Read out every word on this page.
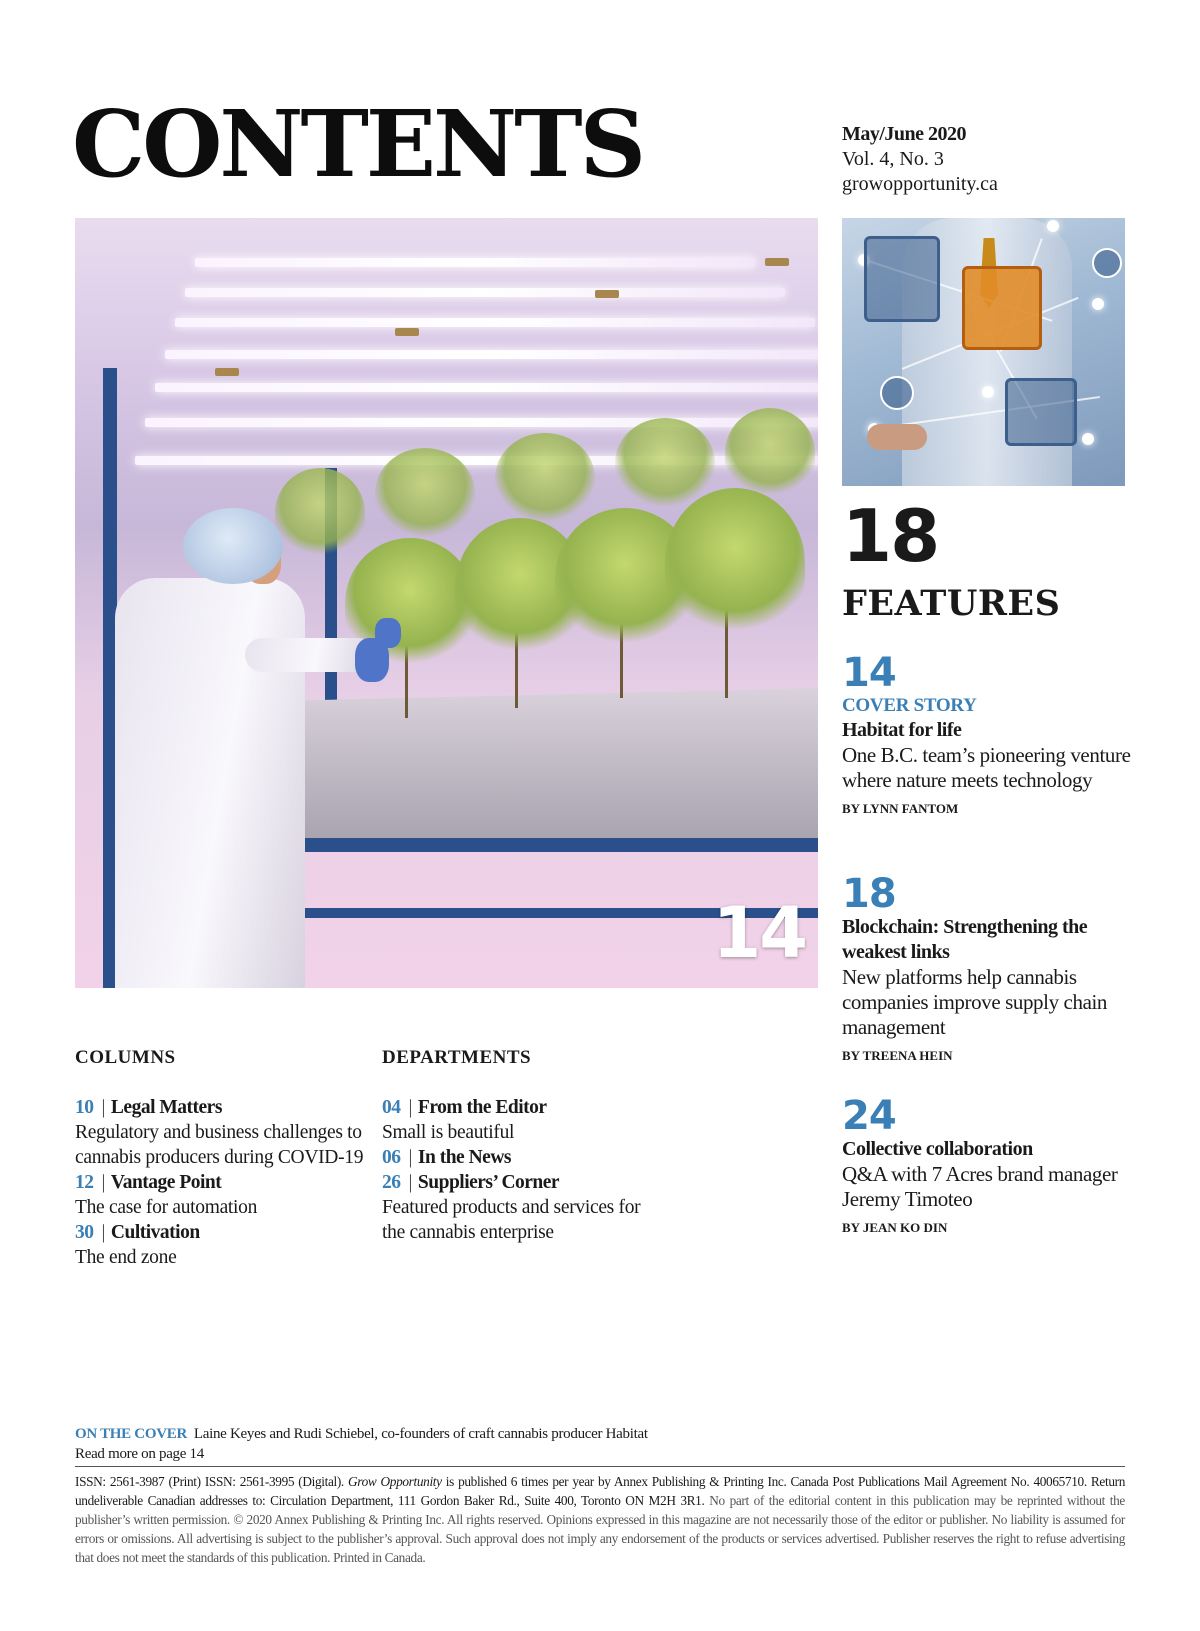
CONTENTS	May/June 2020
Vol. 4, No. 3
growopportunity.ca
14
18
FEATURES
14
COVER STORY
Habitat for life
One B.C. team’s pioneering venture where nature meets technology
BY LYNN FANTOM
18
Blockchain: Strengthening the weakest links
New platforms help cannabis companies improve supply chain management
BY TREENA HEIN
24
Collective collaboration
Q&A with 7 Acres brand manager Jeremy Timoteo
BY JEAN KO DIN
COLUMNS
10 | Legal Matters
Regulatory and business challenges to cannabis producers during COVID-19
12 | Vantage Point
The case for automation
30 | Cultivation
The end zone
DEPARTMENTS
04 | From the Editor
Small is beautiful
06 | In the News
26 | Suppliers’ Corner
Featured products and services for the cannabis enterprise
ON THE COVER Laine Keyes and Rudi Schiebel, co-founders of craft cannabis producer Habitat
Read more on page 14
ISSN: 2561-3987 (Print) ISSN: 2561-3995 (Digital). Grow Opportunity is published 6 times per year by Annex Publishing & Printing Inc. Canada Post Publications Mail Agreement No. 40065710. Return undeliverable Canadian addresses to: Circulation Department, 111 Gordon Baker Rd., Suite 400, Toronto ON M2H 3R1. No part of the editorial content in this publication may be reprinted without the publisher’s written permission. © 2020 Annex Publishing & Printing Inc. All rights reserved. Opinions expressed in this magazine are not necessarily those of the editor or publisher. No liability is assumed for errors or omissions. All advertising is subject to the publisher’s approval. Such approval does not imply any endorsement of the products or services advertised. Publisher reserves the right to refuse advertising that does not meet the standards of this publication. Printed in Canada.
